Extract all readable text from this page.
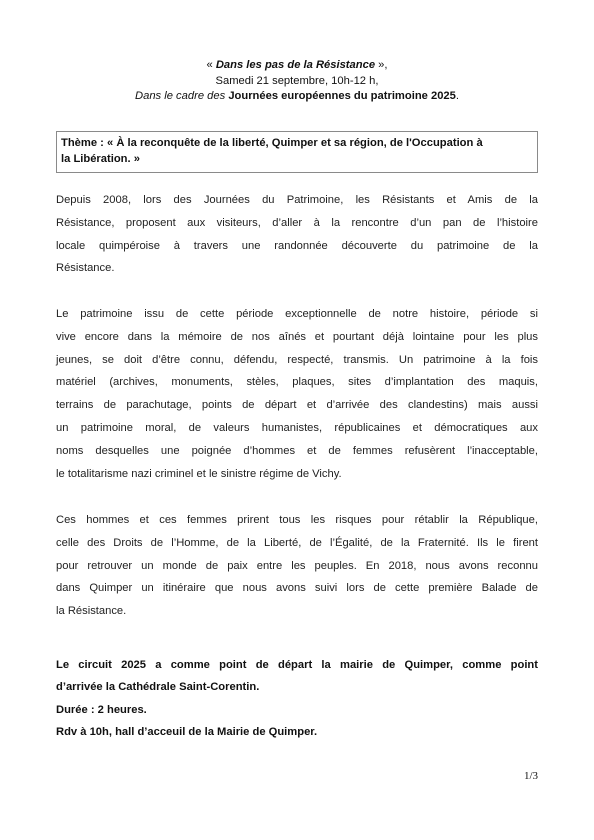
« Dans les pas de la Résistance »,
Samedi 21 septembre, 10h-12 h,
Dans le cadre des Journées européennes du patrimoine 2025.
Thème : « À la reconquête de la liberté, Quimper et sa région, de l'Occupation à
la Libération. »
Depuis 2008, lors des Journées du Patrimoine, les Résistants et Amis de la
Résistance, proposent aux visiteurs, d’aller à la rencontre d’un pan de l’histoire
locale quimpéroise à travers une randonnée découverte du patrimoine de la
Résistance.
Le patrimoine issu de cette période exceptionnelle de notre histoire, période si
vive encore dans la mémoire de nos aînés et pourtant déjà lointaine pour les plus
jeunes, se doit d’être connu, défendu, respecté, transmis. Un patrimoine à la fois
matériel (archives, monuments, stèles, plaques, sites d’implantation des maquis,
terrains de parachutage, points de départ et d’arrivée des clandestins) mais aussi
un patrimoine moral, de valeurs humanistes, républicaines et démocratiques aux
noms desquelles une poignée d’hommes et de femmes refusèrent l’inacceptable,
le totalitarisme nazi criminel et le sinistre régime de Vichy.
Ces hommes et ces femmes prirent tous les risques pour rétablir la République,
celle des Droits de l’Homme, de la Liberté, de l’Égalité, de la Fraternité. Ils le firent
pour retrouver un monde de paix entre les peuples. En 2018, nous avons reconnu
dans Quimper un itinéraire que nous avons suivi lors de cette première Balade de
la Résistance.
Le circuit 2025 a comme point de départ la mairie de Quimper, comme point
d’arrivée la Cathédrale Saint-Corentin.
Durée : 2 heures.
Rdv à 10h, hall d’acceuil de la Mairie de Quimper.
1/3
